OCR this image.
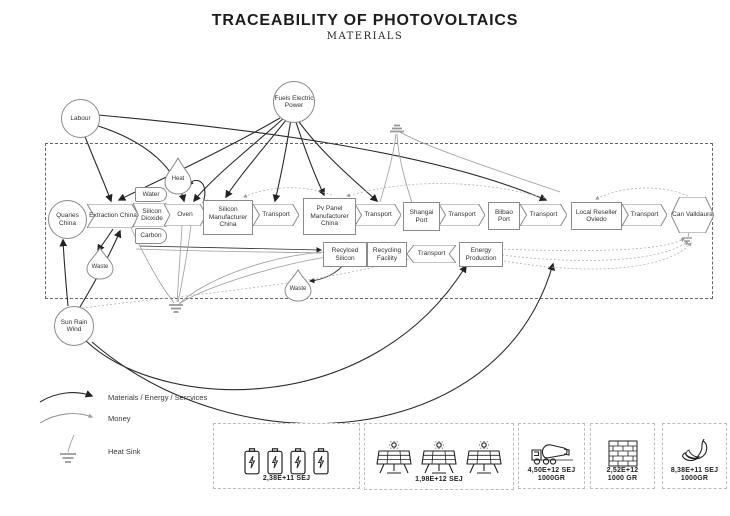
TRACEABILITY OF PHOTOVOLTAICS
MATERIALS
Labour
Fuels Electric Power
Quaries China
Sun Rain Wind
Water
Carbon
Extraction China
Silicon Dioxide
Oven	Transport	Transport	Transport	Transport	Transport
Transport
Silicon Manufacturer China
Pv Panel Manufacturer China
Shangai Port
Bilbao Port
Local Reseller Oviedo
Recylced Silicon
Recycling Facility
Energy Production
Can Valldaura
Heat
Waste
Waste
Materials / Energy / Sercvices
Money
Heat Sink
2,38E+11 SEJ	1,98E+12 SEJ
4,50E+12 SEJ
1000GR
2,52E+12
1000 GR
8,38E+11 SEJ
1000GR
